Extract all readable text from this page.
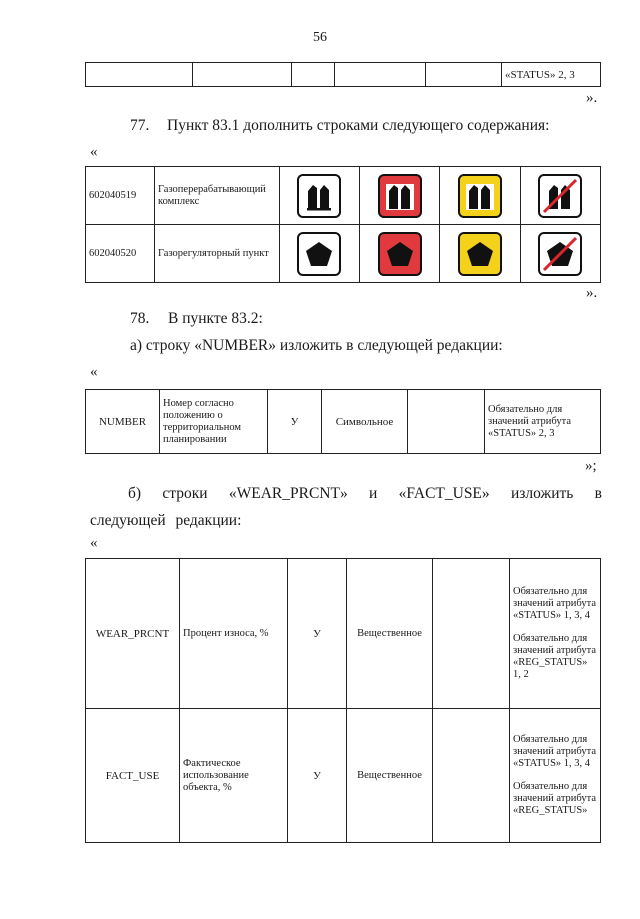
56
					«STATUS» 2, 3
».
77. Пункт 83.1 дополнить строками следующего содержания:
«
602040519	Газоперерабатывающий комплекс	

602040520	Газорегуляторный пункт	

».
78. В пункте 83.2:
а) строку «NUMBER» изложить в следующей редакции:
«
NUMBER	Номер согласно положению о территориальном планировании	У	Символьное		Обязательно для значений атрибута «STATUS» 2, 3
»;
б) строки «WEAR_PRCNT» и «FACT_USE» изложить в следующей редакции:
«
WEAR_PRCNT	Процент износа, %	У	Вещественное		Обязательно для значений атрибута «STATUS» 1, 3, 4
Обязательно для значений атрибута «REG_STATUS» 1, 2

FACT_USE	Фактическое использование объекта, %	У	Вещественное		Обязательно для значений атрибута «STATUS» 1, 3, 4
Обязательно для значений атрибута «REG_STATUS»
